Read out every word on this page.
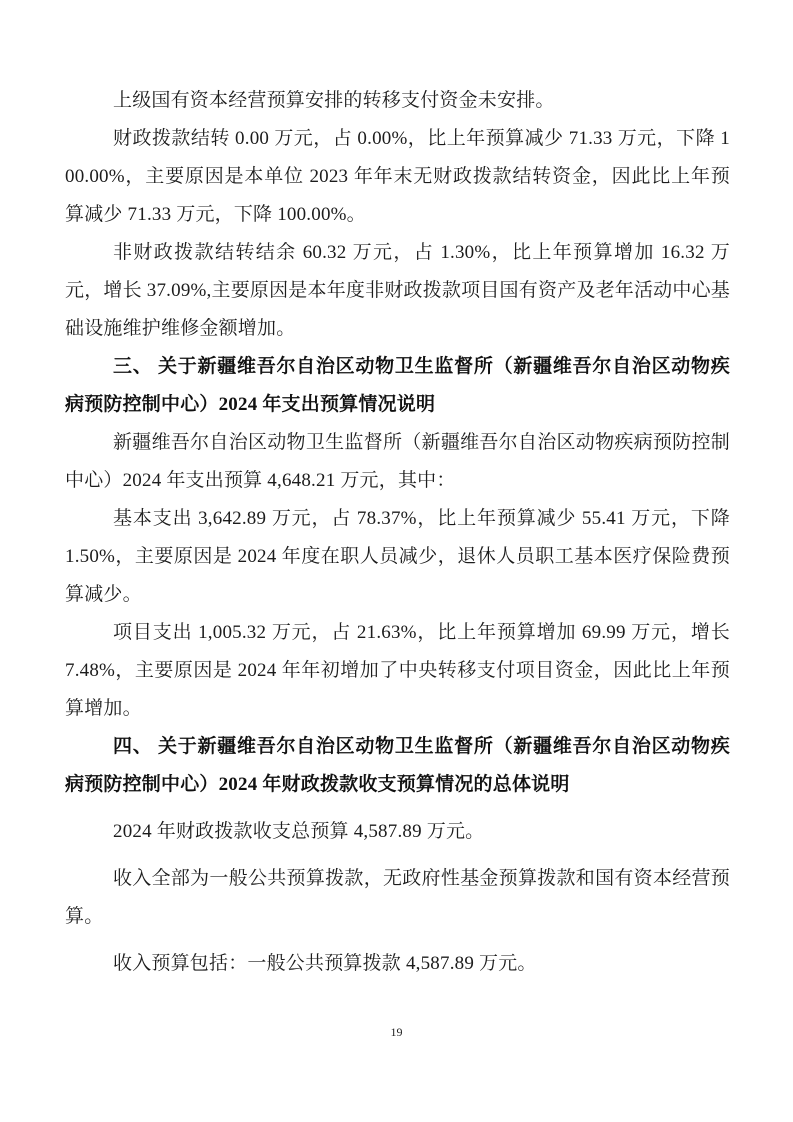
上级国有资本经营预算安排的转移支付资金未安排。

财政拨款结转 0.00 万元，占 0.00%，比上年预算减少 71.33 万元，下降 100.00%，主要原因是本单位 2023 年年末无财政拨款结转资金，因此比上年预算减少 71.33 万元，下降 100.00%。

非财政拨款结转结余 60.32 万元，占 1.30%，比上年预算增加 16.32 万元，增长 37.09%,主要原因是本年度非财政拨款项目国有资产及老年活动中心基础设施维护维修金额增加。

三、 关于新疆维吾尔自治区动物卫生监督所（新疆维吾尔自治区动物疾病预防控制中心）2024 年支出预算情况说明

新疆维吾尔自治区动物卫生监督所（新疆维吾尔自治区动物疾病预防控制中心）2024 年支出预算 4,648.21 万元，其中：

基本支出 3,642.89 万元，占 78.37%，比上年预算减少 55.41 万元，下降 1.50%，主要原因是 2024 年度在职人员减少，退休人员职工基本医疗保险费预算减少。

项目支出 1,005.32 万元，占 21.63%，比上年预算增加 69.99 万元，增长 7.48%，主要原因是 2024 年年初增加了中央转移支付项目资金，因此比上年预算增加。

四、 关于新疆维吾尔自治区动物卫生监督所（新疆维吾尔自治区动物疾病预防控制中心）2024 年财政拨款收支预算情况的总体说明

2024 年财政拨款收支总预算 4,587.89 万元。

收入全部为一般公共预算拨款，无政府性基金预算拨款和国有资本经营预算。

收入预算包括：一般公共预算拨款 4,587.89 万元。

19
